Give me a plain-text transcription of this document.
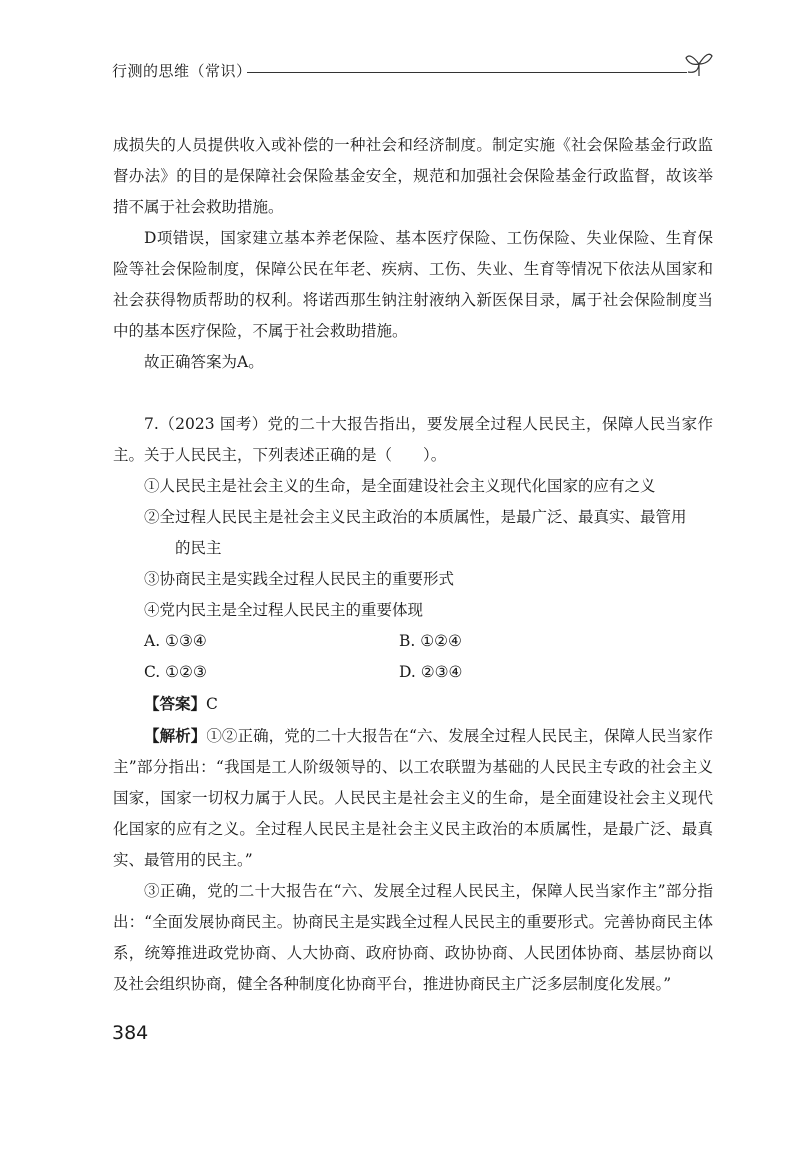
行测的思维（常识）

成损失的人员提供收入或补偿的一种社会和经济制度。制定实施《社会保险基金行政监督办法》的目的是保障社会保险基金安全，规范和加强社会保险基金行政监督，故该举措不属于社会救助措施。

D项错误，国家建立基本养老保险、基本医疗保险、工伤保险、失业保险、生育保险等社会保险制度，保障公民在年老、疾病、工伤、失业、生育等情况下依法从国家和社会获得物质帮助的权利。将诺西那生钠注射液纳入新医保目录，属于社会保险制度当中的基本医疗保险，不属于社会救助措施。

故正确答案为A。

7.（2023 国考）党的二十大报告指出，要发展全过程人民民主，保障人民当家作主。关于人民民主，下列表述正确的是（　　）。

①人民民主是社会主义的生命，是全面建设社会主义现代化国家的应有之义
②全过程人民民主是社会主义民主政治的本质属性，是最广泛、最真实、最管用
的民主
③协商民主是实践全过程人民民主的重要形式
④党内民主是全过程人民民主的重要体现
A. ①③④	B. ①②④
C. ①②③	D. ②③④
【答案】C

【解析】①②正确，党的二十大报告在“六、发展全过程人民民主，保障人民当家作主”部分指出：“我国是工人阶级领导的、以工农联盟为基础的人民民主专政的社会主义国家，国家一切权力属于人民。人民民主是社会主义的生命，是全面建设社会主义现代化国家的应有之义。全过程人民民主是社会主义民主政治的本质属性，是最广泛、最真实、最管用的民主。”

③正确，党的二十大报告在“六、发展全过程人民民主，保障人民当家作主”部分指出：“全面发展协商民主。协商民主是实践全过程人民民主的重要形式。完善协商民主体系，统筹推进政党协商、人大协商、政府协商、政协协商、人民团体协商、基层协商以及社会组织协商，健全各种制度化协商平台，推进协商民主广泛多层制度化发展。”

384
